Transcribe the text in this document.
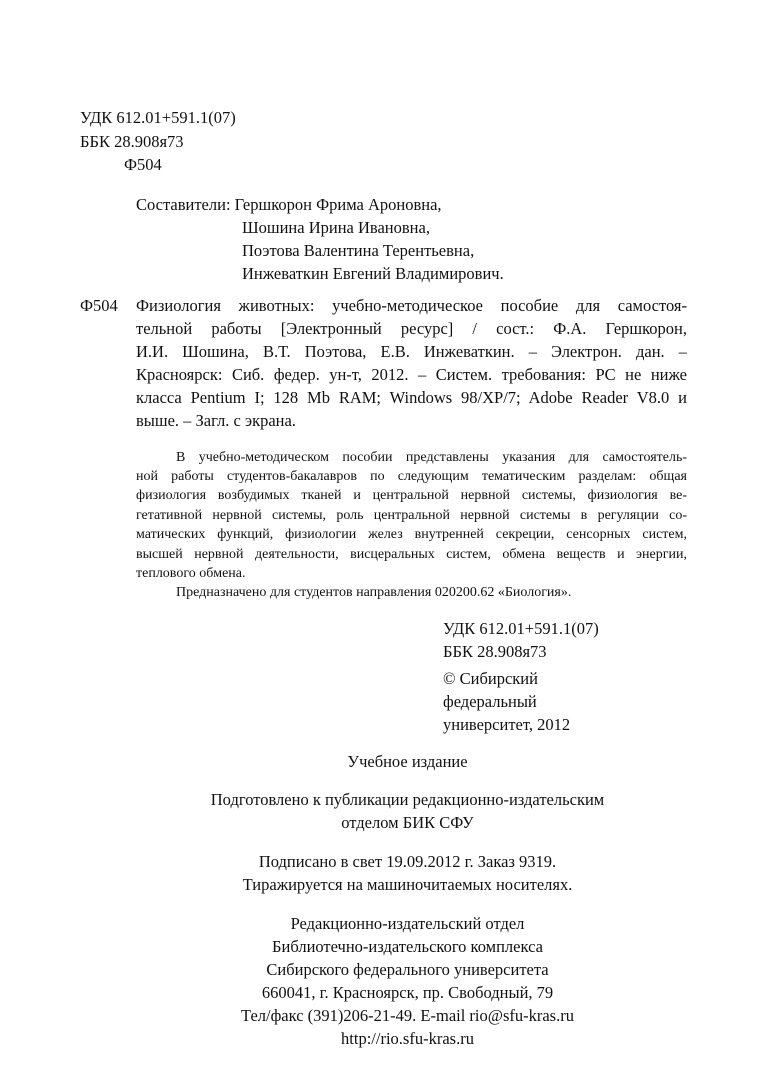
УДК 612.01+591.1(07)
ББК 28.908я73
Ф504
Составители: Гершкорон Фрима Ароновна,
Шошина Ирина Ивановна,
Поэтова Валентина Терентьевна,
Инжеваткин Евгений Владимирович.
Ф504 Физиология животных: учебно-методическое пособие для самостоя-
тельной работы [Электронный ресурс] / сост.: Ф.А. Гершкорон,
И.И. Шошина, В.Т. Поэтова, Е.В. Инжеваткин. – Электрон. дан. –
Красноярск: Сиб. федер. ун-т, 2012. – Систем. требования: PC не ниже
класса Pentium I; 128 Mb RAM; Windows 98/XP/7; Adobe Reader V8.0 и
выше. – Загл. с экрана.
В учебно-методическом пособии представлены указания для самостоятель-
ной работы студентов-бакалавров по следующим тематическим разделам: общая
физиология возбудимых тканей и центральной нервной системы, физиология ве-
гетативной нервной системы, роль центральной нервной системы в регуляции со-
матических функций, физиологии желез внутренней секреции, сенсорных систем,
высшей нервной деятельности, висцеральных систем, обмена веществ и энергии,
теплового обмена.
Предназначено для студентов направления 020200.62 «Биология».
УДК 612.01+591.1(07)
ББК 28.908я73
© Сибирский
федеральный
университет, 2012
Учебное издание
Подготовлено к публикации редакционно-издательским
отделом БИК СФУ
Подписано в свет 19.09.2012 г. Заказ 9319.
Тиражируется на машиночитаемых носителях.
Редакционно-издательский отдел
Библиотечно-издательского комплекса
Сибирского федерального университета
660041, г. Красноярск, пр. Свободный, 79
Тел/факс (391)206-21-49. E-mail rio@sfu-kras.ru
http://rio.sfu-kras.ru
